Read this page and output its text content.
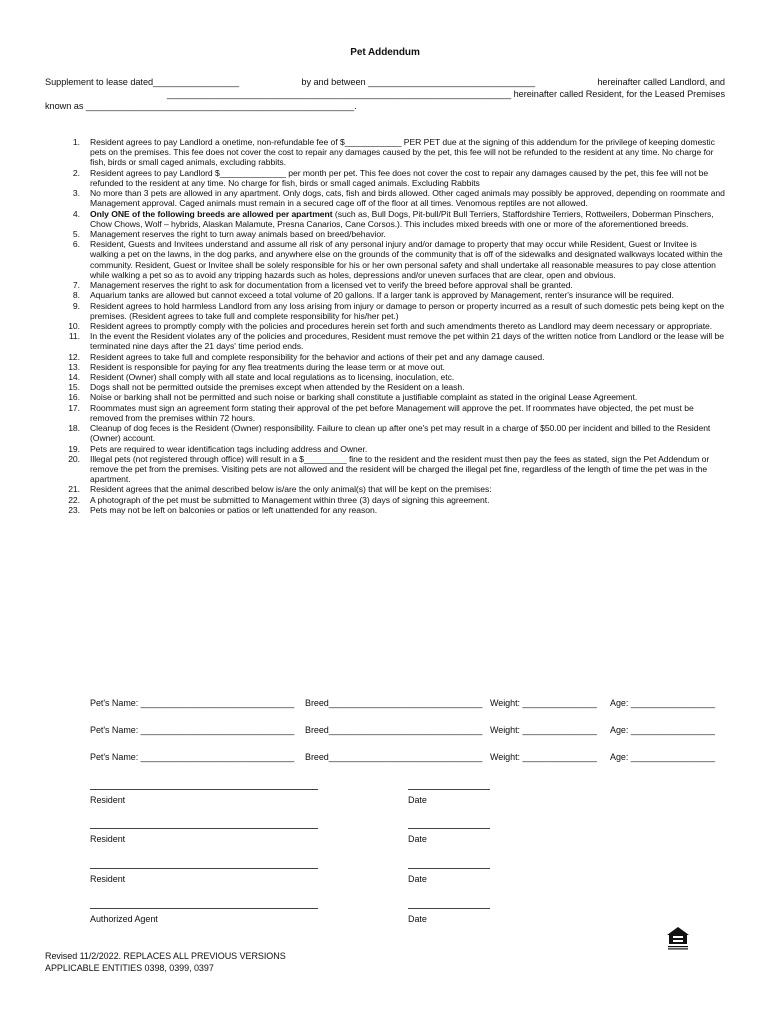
Pet Addendum
Supplement to lease dated_________________	by and between _________________________________	hereinafter called Landlord, and
____________________________________________________________________ hereinafter called Resident, for the Leased Premises
known as _____________________________________________________.
1.	Resident agrees to pay Landlord a onetime, non-refundable fee of $____________ PER PET due at the signing of this addendum for the privilege of keeping domestic pets on the premises. This fee does not cover the cost to repair any damages caused by the pet, this fee will not be refunded to the resident at any time. No charge for fish, birds or small caged animals, excluding rabbits.
2.	Resident agrees to pay Landlord $______________ per month per pet. This fee does not cover the cost to repair any damages caused by the pet, this fee will not be refunded to the resident at any time. No charge for fish, birds or small caged animals. Excluding Rabbits
3.	No more than 3 pets are allowed in any apartment. Only dogs, cats, fish and birds allowed. Other caged animals may possibly be approved, depending on roommate and Management approval. Caged animals must remain in a secured cage off of the floor at all times. Venomous reptiles are not allowed.
4.	Only ONE of the following breeds are allowed per apartment (such as, Bull Dogs, Pit-bull/Pit Bull Terriers, Staffordshire Terriers, Rottweilers, Doberman Pinschers, Chow Chows, Wolf – hybrids, Alaskan Malamute, Presna Canarios, Cane Corsos.). This includes mixed breeds with one or more of the aforementioned breeds.
5.	Management reserves the right to turn away animals based on breed/behavior.
6.	Resident, Guests and Invitees understand and assume all risk of any personal injury and/or damage to property that may occur while Resident, Guest or Invitee is walking a pet on the lawns, in the dog parks, and anywhere else on the grounds of the community that is off of the sidewalks and designated walkways located within the community. Resident, Guest or Invitee shall be solely responsible for his or her own personal safety and shall undertake all reasonable measures to pay close attention while walking a pet so as to avoid any tripping hazards such as holes, depressions and/or uneven surfaces that are clear, open and obvious.
7.	Management reserves the right to ask for documentation from a licensed vet to verify the breed before approval shall be granted.
8.	Aquarium tanks are allowed but cannot exceed a total volume of 20 gallons. If a larger tank is approved by Management, renter's insurance will be required.
9.	Resident agrees to hold harmless Landlord from any loss arising from injury or damage to person or property incurred as a result of such domestic pets being kept on the premises. (Resident agrees to take full and complete responsibility for his/her pet.)
10.	Resident agrees to promptly comply with the policies and procedures herein set forth and such amendments thereto as Landlord may deem necessary or appropriate.
11.	In the event the Resident violates any of the policies and procedures, Resident must remove the pet within 21 days of the written notice from Landlord or the lease will be terminated nine days after the 21 days' time period ends.
12.	Resident agrees to take full and complete responsibility for the behavior and actions of their pet and any damage caused.
13.	Resident is responsible for paying for any flea treatments during the lease term or at move out.
14.	Resident (Owner) shall comply with all state and local regulations as to licensing, inoculation, etc.
15.	Dogs shall not be permitted outside the premises except when attended by the Resident on a leash.
16.	Noise or barking shall not be permitted and such noise or barking shall constitute a justifiable complaint as stated in the original Lease Agreement.
17.	Roommates must sign an agreement form stating their approval of the pet before Management will approve the pet. If roommates have objected, the pet must be removed from the premises within 72 hours.
18.	Cleanup of dog feces is the Resident (Owner) responsibility. Failure to clean up after one's pet may result in a charge of $50.00 per incident and billed to the Resident (Owner) account.
19.	Pets are required to wear identification tags including address and Owner.
20.	Illegal pets (not registered through office) will result in a $_________ fine to the resident and the resident must then pay the fees as stated, sign the Pet Addendum or remove the pet from the premises. Visiting pets are not allowed and the resident will be charged the illegal pet fine, regardless of the length of time the pet was in the apartment.
21.	Resident agrees that the animal described below is/are the only animal(s) that will be kept on the premises:
22.	A photograph of the pet must be submitted to Management within three (3) days of signing this agreement.
23.	Pets may not be left on balconies or patios or left unattended for any reason.
Pet's Name: _______________________________	Breed_______________________________ Weight: _______________	Age: _________________
Pet's Name: _______________________________	Breed_______________________________ Weight: _______________	Age: _________________
Pet's Name: _______________________________	Breed_______________________________ Weight: _______________	Age: _________________
Resident	Date
Resident	Date
Resident	Date
Authorized Agent	Date
Revised 11/2/2022. REPLACES ALL PREVIOUS VERSIONS
APPLICABLE ENTITIES 0398, 0399, 0397
